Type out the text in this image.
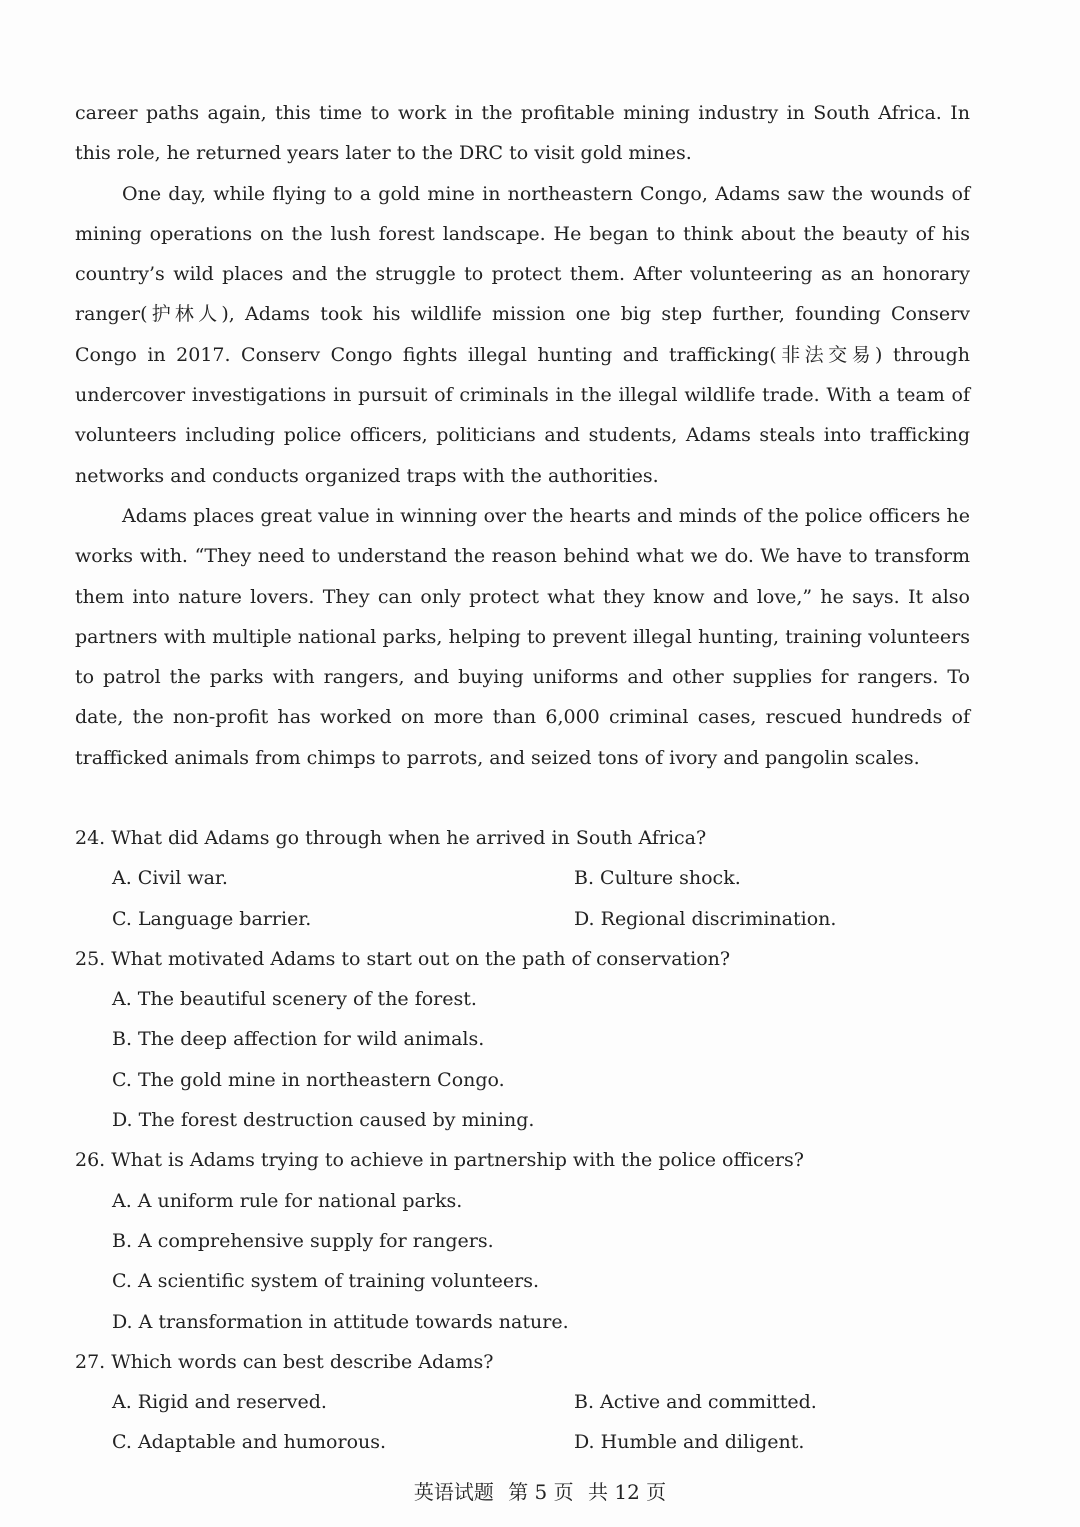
career paths again, this time to work in the profitable mining industry in South Africa. In this role, he returned years later to the DRC to visit gold mines.

One day, while flying to a gold mine in northeastern Congo, Adams saw the wounds of mining operations on the lush forest landscape. He began to think about the beauty of his country’s wild places and the struggle to protect them. After volunteering as an honorary ranger(护林人), Adams took his wildlife mission one big step further, founding Conserv Congo in 2017. Conserv Congo fights illegal hunting and trafficking(非法交易) through undercover investigations in pursuit of criminals in the illegal wildlife trade. With a team of volunteers including police officers, politicians and students, Adams steals into trafficking networks and conducts organized traps with the authorities.

Adams places great value in winning over the hearts and minds of the police officers he works with. “They need to understand the reason behind what we do. We have to transform them into nature lovers. They can only protect what they know and love,” he says. It also partners with multiple national parks, helping to prevent illegal hunting, training volunteers to patrol the parks with rangers, and buying uniforms and other supplies for rangers. To date, the non-profit has worked on more than 6,000 criminal cases, rescued hundreds of trafficked animals from chimps to parrots, and seized tons of ivory and pangolin scales.

24. What did Adams go through when he arrived in South Africa?

A. Civil war.	B. Culture shock.
C. Language barrier.	D. Regional discrimination.

25. What motivated Adams to start out on the path of conservation?

A. The beautiful scenery of the forest.

B. The deep affection for wild animals.

C. The gold mine in northeastern Congo.

D. The forest destruction caused by mining.

26. What is Adams trying to achieve in partnership with the police officers?

A. A uniform rule for national parks.

B. A comprehensive supply for rangers.

C. A scientific system of training volunteers.

D. A transformation in attitude towards nature.

27. Which words can best describe Adams?

A. Rigid and reserved.	B. Active and committed.
C. Adaptable and humorous.	D. Humble and diligent.
英语试题 第 5 页 共 12 页
